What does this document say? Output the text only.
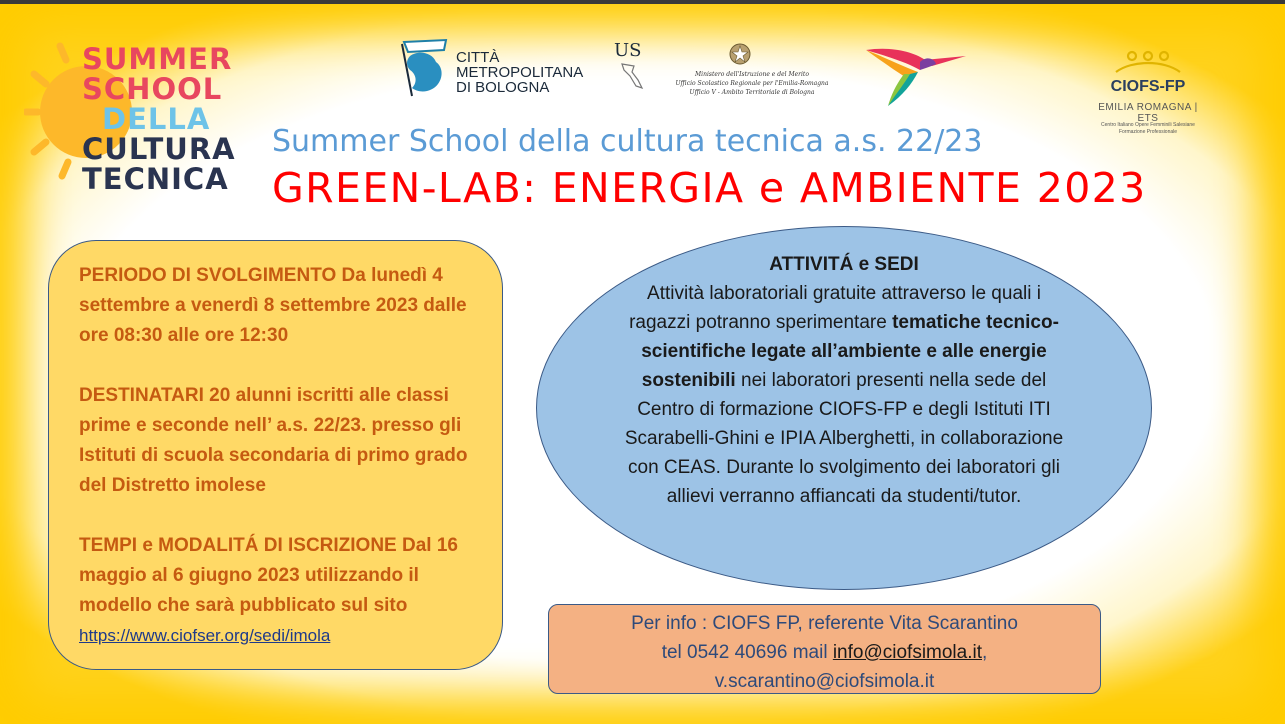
SUMMER
SCHOOL
DELLA
CULTURA
TECNICA
CITTÀ
METROPOLITANA
DI BOLOGNA
US
Ministero dell'Istruzione e del Merito
Ufficio Scolastico Regionale per l'Emilia-Romagna
Ufficio V - Ambito Territoriale di Bologna	CIOFS-FP
EMILIA ROMAGNA | ETS
Centro Italiano Opere Femminili Salesiane
Formazione Professionale
Summer School della cultura tecnica a.s. 22/23
GREEN-LAB: ENERGIA e AMBIENTE 2023

PERIODO DI SVOLGIMENTO Da lunedì 4 settembre a venerdì 8 settembre 2023 dalle ore 08:30 alle ore 12:30

DESTINATARI 20 alunni iscritti alle classi prime e seconde nell’ a.s. 22/23. presso gli Istituti di scuola secondaria di primo grado del Distretto imolese

TEMPI e MODALITÁ DI ISCRIZIONE Dal 16 maggio al 6 giugno 2023 utilizzando il modello che sarà pubblicato sul sito
https://www.ciofser.org/sedi/imola

ATTIVITÁ e SEDI
Attività laboratoriali gratuite attraverso le quali i ragazzi potranno sperimentare tematiche tecnico-scientifiche legate all’ambiente e alle energie sostenibili nei laboratori presenti nella sede del Centro di formazione CIOFS-FP e degli Istituti ITI Scarabelli-Ghini e IPIA Alberghetti, in collaborazione con CEAS. Durante lo svolgimento dei laboratori gli allievi verranno affiancati da studenti/tutor.
Per info : CIOFS FP, referente Vita Scarantino
tel 0542 40696 mail info@ciofsimola.it,
v.scarantino@ciofsimola.it
